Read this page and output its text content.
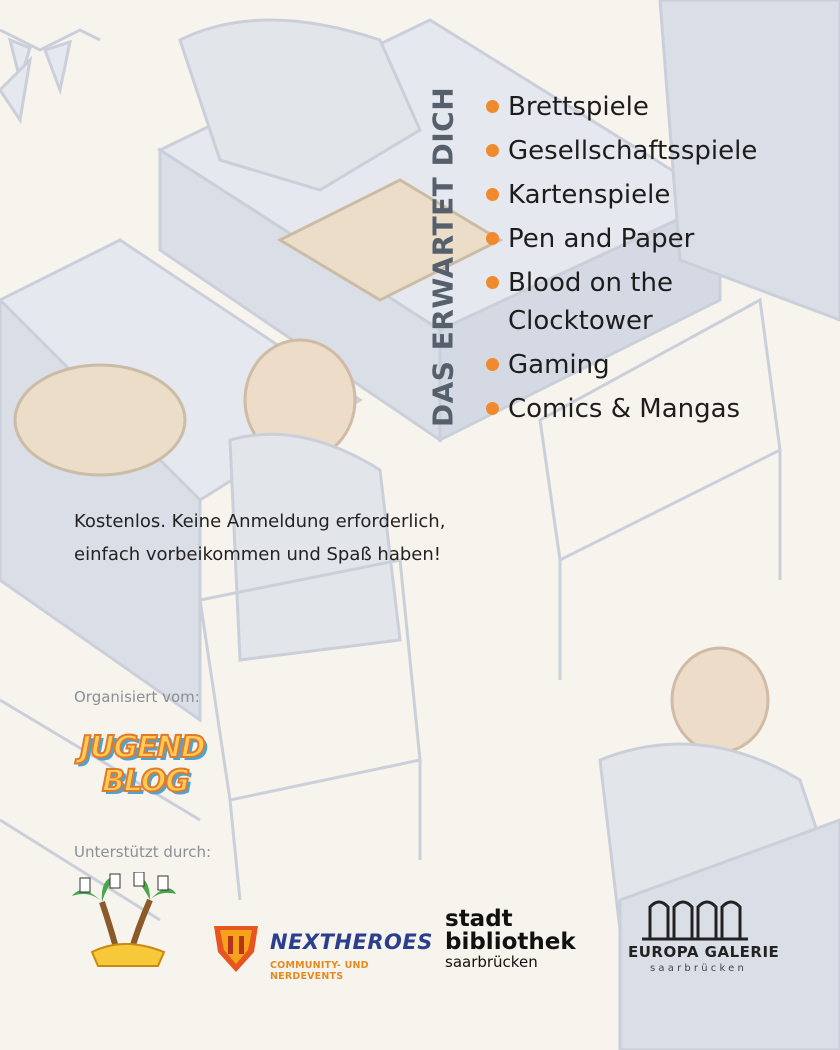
DAS ERWARTET DICH Brettspiele
Gesellschaftsspiele
Kartenspiele
Pen and Paper
Blood on the Clocktower
Gaming
Comics & Mangas
Kostenlos. Keine Anmeldung erforderlich,
einfach vorbeikommen und Spaß haben!
Organisiert vom:
JUGEND
BLOG
Unterstützt durch:
NEXTHEROES
COMMUNITY- UND NERDEVENTS
stadt
bibliothek
saarbrücken
EUROPA GALERIE
saarbrücken
